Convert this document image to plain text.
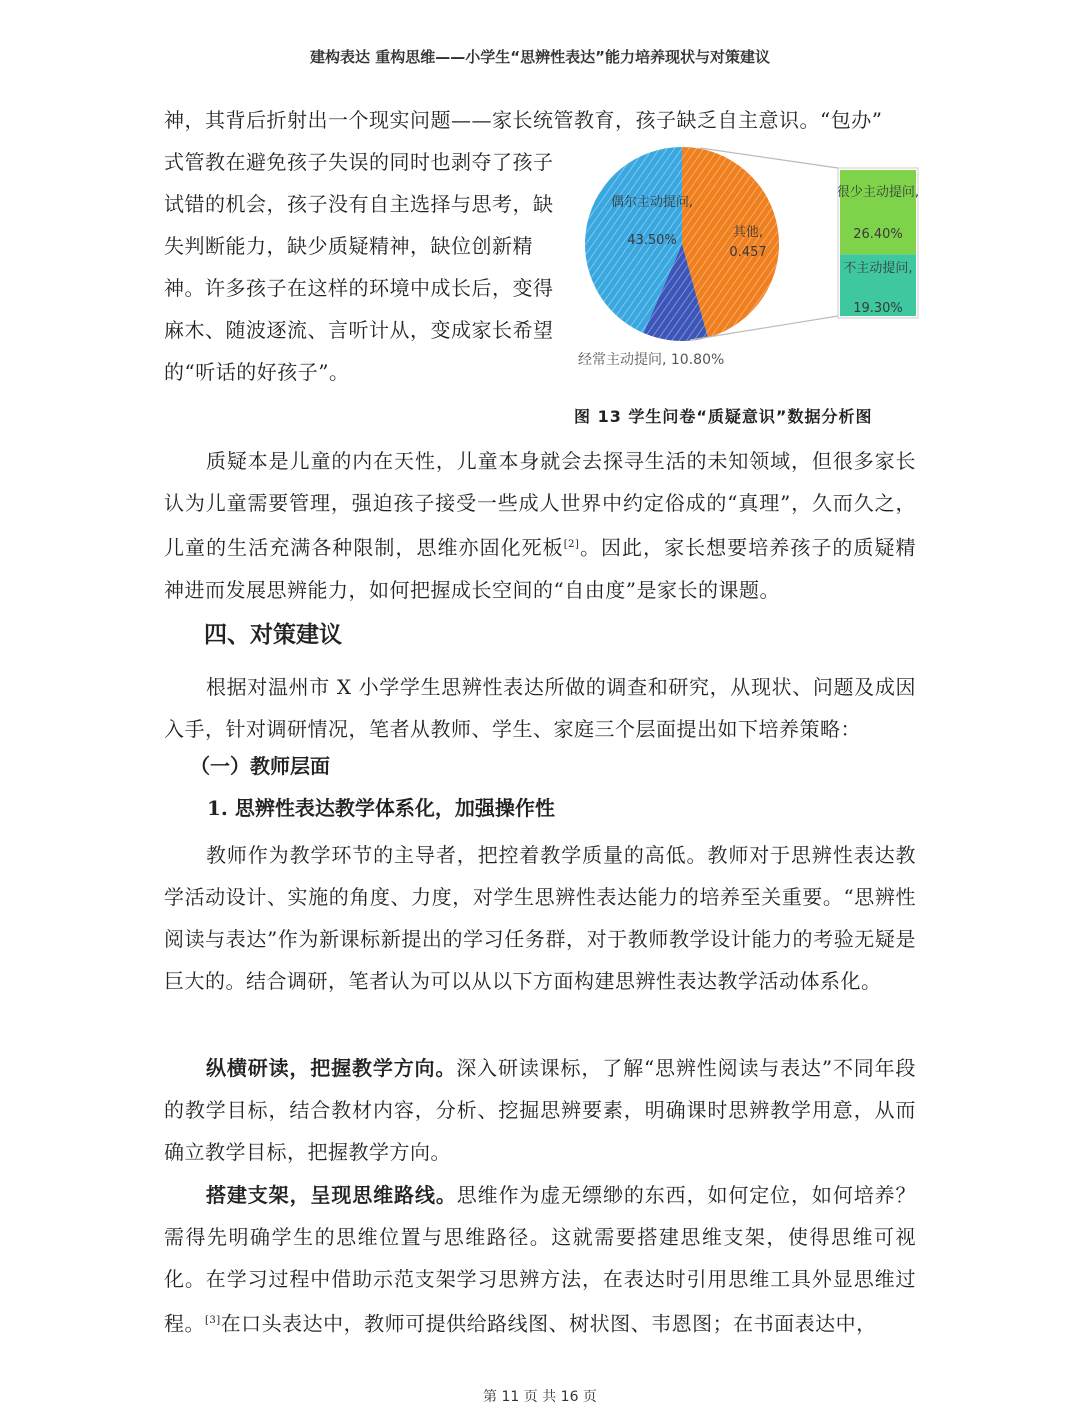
建构表达 重构思维——小学生“思辨性表达”能力培养现状与对策建议

神，其背后折射出一个现实问题——家长统管教育，孩子缺乏自主意识。“包办”

式管教在避免孩子失误的同时也剥夺了孩子试错的机会，孩子没有自主选择与思考，缺失判断能力，缺少质疑精神，缺位创新精神。许多孩子在这样的环境中成长后，变得麻木、随波逐流、言听计从，变成家长希望的“听话的好孩子”。
偶尔主动提问,
43.50%
其他,
0.457
很少主动提问,
26.40%
不主动提问,
19.30%
经常主动提问, 10.80%
图 13 学生问卷“质疑意识”数据分析图

质疑本是儿童的内在天性，儿童本身就会去探寻生活的未知领域，但很多家长认为儿童需要管理，强迫孩子接受一些成人世界中约定俗成的“真理”，久而久之，儿童的生活充满各种限制，思维亦固化死板[2]。因此，家长想要培养孩子的质疑精神进而发展思辨能力，如何把握成长空间的“自由度”是家长的课题。

四、对策建议

根据对温州市 X 小学学生思辨性表达所做的调查和研究，从现状、问题及成因入手，针对调研情况，笔者从教师、学生、家庭三个层面提出如下培养策略：

（一）教师层面
1. 思辨性表达教学体系化，加强操作性

教师作为教学环节的主导者，把控着教学质量的高低。教师对于思辨性表达教学活动设计、实施的角度、力度，对学生思辨性表达能力的培养至关重要。“思辨性阅读与表达”作为新课标新提出的学习任务群，对于教师教学设计能力的考验无疑是巨大的。结合调研，笔者认为可以从以下方面构建思辨性表达教学活动体系化。

纵横研读，把握教学方向。深入研读课标，了解“思辨性阅读与表达”不同年段的教学目标，结合教材内容，分析、挖掘思辨要素，明确课时思辨教学用意，从而确立教学目标，把握教学方向。

搭建支架，呈现思维路线。思维作为虚无缥缈的东西，如何定位，如何培养？需得先明确学生的思维位置与思维路径。这就需要搭建思维支架，使得思维可视化。在学习过程中借助示范支架学习思辨方法，在表达时引用思维工具外显思维过程。[3]在口头表达中，教师可提供给路线图、树状图、韦恩图；在书面表达中，

第 11 页 共 16 页
